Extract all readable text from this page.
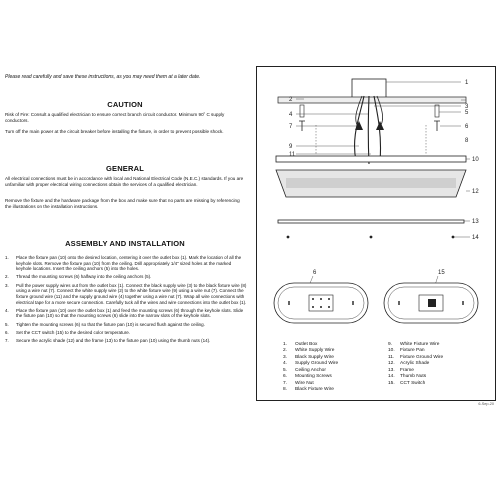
Please read carefully and save these instructions, as you may need them at a later date.
CAUTION
Risk of Fire: Consult a qualified electrician to ensure correct branch circuit conductor. Minimum 90˚ C supply conductors.
Turn off the main power at the circuit breaker before installing the fixture, in order to prevent possible shock.
GENERAL
All electrical connections must be in accordance with local and National Electrical Code (N.E.C.) standards. If you are unfamiliar with proper electrical wiring connections obtain the services of a qualified electrician.
Remove the fixture and the hardware package from the box and make sure that no parts are missing by referencing the illustrations on the installation instructions.
ASSEMBLY AND INSTALLATION
1.	Place the fixture pan (10) onto the desired location, centering it over the outlet box (1). Mark the location of all the keyhole slots. Remove the fixture pan (10) from the ceiling. Drill appropriately 1/4" sized holes at the marked keyhole locations. Insert the ceiling anchors (5) into the holes.
2.	Thread the mounting screws (6) halfway into the ceiling anchors (5).
3.	Pull the power supply wires out from the outlet box (1). Connect the black supply wire (3) to the black fixture wire (8) using a wire nut (7). Connect the white supply wire (2) to the white fixture wire (9) using a wire nut (7). Connect the fixture ground wire (11) and the supply ground wire (4) together using a wire nut (7). Wrap all wire connections with electrical tape for a more secure connection. Carefully tuck all the wires and wire connections into the outlet box (1).
4.	Place the fixture pan (10) over the outlet box (1) and feed the mounting screws (6) through the keyhole slots. Slide the fixture pan (10) so that the mounting screws (6) slide into the narrow slots of the keyhole slots.
5.	Tighten the mounting screws (6) so that the fixture pan (10) is secured flush against the ceiling.
6.	Set the CCT switch (15) to the desired color temperature.
7.	Secure the acrylic shade (12) and the frame (13) to the fixture pan (10) using the thumb nuts (14).
1
2
3
4	5
6
7
8
9
10
11
12
13
14
6	15
1.	Outlet Box
2.	White Supply Wire
3.	Black Supply Wire
4.	Supply Ground Wire
5.	Ceiling Anchor
6.	Mounting Screws
7.	Wire Nut
8.	Black Fixture Wire
9.	White Fixture Wire
10.	Fixture Pan
11.	Fixture Ground Wire
12.	Acrylic Shade
13.	Frame
14.	Thumb Nuts
15.	CCT Switch
6-Sep-20
